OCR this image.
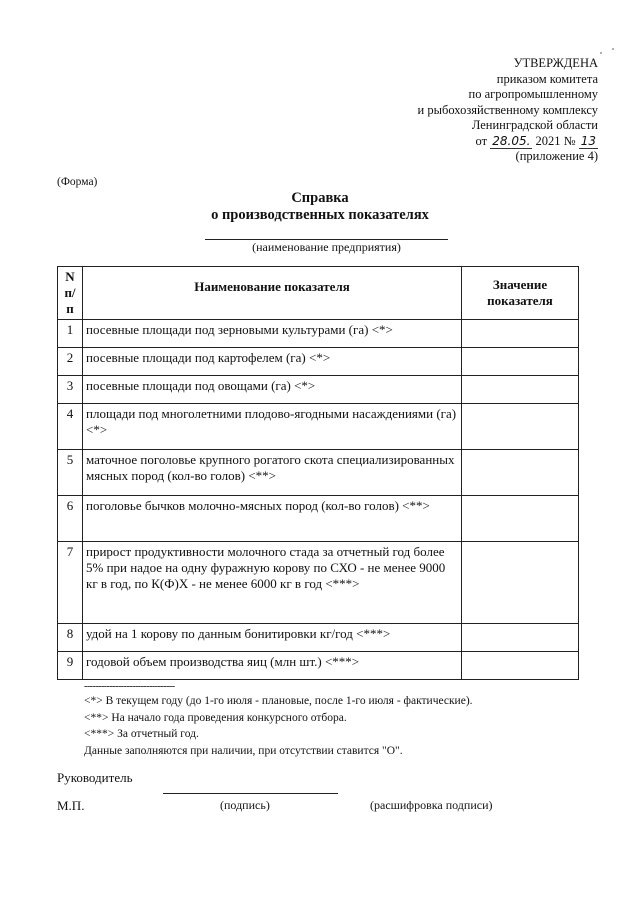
УТВЕРЖДЕНА
приказом комитета
по агропромышленному
и рыбохозяйственному комплексу
Ленинградской области
от 28.05. 2021 № 13
(приложение 4)
(Форма)
Справка
о производственных показателях
(наименование предприятия)
N п/п	Наименование показателя	Значение показателя
1	посевные площади под зерновыми культурами (га) <*>	
2	посевные площади под картофелем (га) <*>	
3	посевные площади под овощами (га) <*>	
4	площади под многолетними плодово-ягодными насаждениями (га) <*>	
5	маточное поголовье крупного рогатого скота специализированных мясных пород (кол-во голов) <**>	
6	поголовье бычков молочно-мясных пород (кол-во голов) <**>	
7	прирост продуктивности молочного стада за отчетный год более 5% при надое на одну фуражную корову по СХО - не менее 9000 кг в год, по К(Ф)Х - не менее 6000 кг в год <***>	
8	удой на 1 корову по данным бонитировки кг/год <***>	
9	годовой объем производства яиц (млн шт.) <***>	
--------------------------------
<*> В текущем году (до 1-го июля - плановые, после 1-го июля - фактические).
<**> На начало года проведения конкурсного отбора.
<***> За отчетный год.
Данные заполняются при наличии, при отсутствии ставится "О".
Руководитель
М.П.	(подпись)	(расшифровка подписи)
